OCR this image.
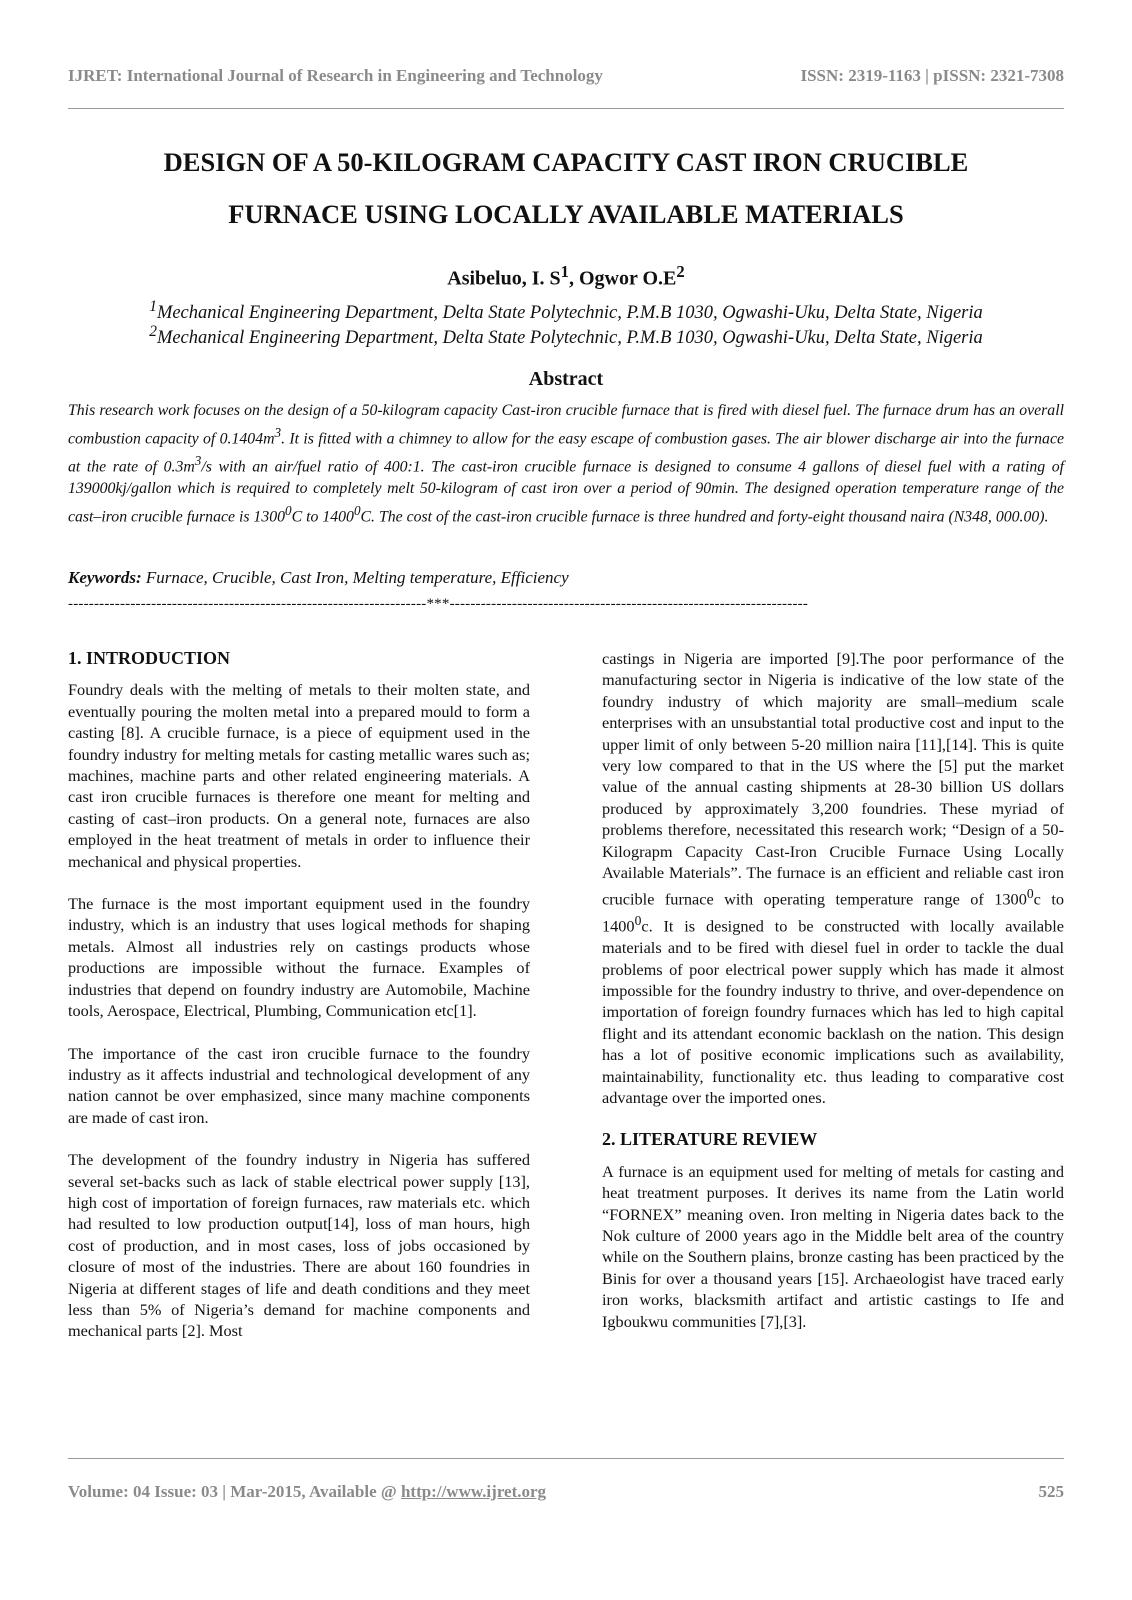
IJRET: International Journal of Research in Engineering and Technology	ISSN: 2319-1163 | pISSN: 2321-7308
DESIGN OF A 50-KILOGRAM CAPACITY CAST IRON CRUCIBLE
FURNACE USING LOCALLY AVAILABLE MATERIALS
Asibeluo, I. $S^1$, Ogwor $O.E^2$
$^1$Mechanical Engineering Department, Delta State Polytechnic, P.M.B 1030, Ogwashi-Uku, Delta State, Nigeria
$^2$Mechanical Engineering Department, Delta State Polytechnic, P.M.B 1030, Ogwashi-Uku, Delta State, Nigeria
Abstract
This research work focuses on the design of a 50-kilogram capacity Cast-iron crucible furnace that is fired with diesel fuel. The furnace drum has an overall combustion capacity of $0.1404m^3$. It is fitted with a chimney to allow for the easy escape of combustion gases. The air blower discharge air into the furnace at the rate of $0.3m^3/s$ with an air/fuel ratio of 400:1. The cast-iron crucible furnace is designed to consume 4 gallons of diesel fuel with a rating of 139000kj/gallon which is required to completely melt 50-kilogram of cast iron over a period of 90min. The designed operation temperature range of the cast–iron crucible furnace is 1300$^0$C to 1400$^0$C. The cost of the cast-iron crucible furnace is three hundred and forty-eight thousand naira (N348, 000.00).
Keywords: Furnace, Crucible, Cast Iron, Melting temperature, Efficiency
---------------------------------------------------------------------***---------------------------------------------------------------------
1. INTRODUCTION

Foundry deals with the melting of metals to their molten state, and eventually pouring the molten metal into a prepared mould to form a casting [8]. A crucible furnace, is a piece of equipment used in the foundry industry for melting metals for casting metallic wares such as; machines, machine parts and other related engineering materials. A cast iron crucible furnaces is therefore one meant for melting and casting of cast–iron products. On a general note, furnaces are also employed in the heat treatment of metals in order to influence their mechanical and physical properties.

The furnace is the most important equipment used in the foundry industry, which is an industry that uses logical methods for shaping metals. Almost all industries rely on castings products whose productions are impossible without the furnace. Examples of industries that depend on foundry industry are Automobile, Machine tools, Aerospace, Electrical, Plumbing, Communication etc[1].

The importance of the cast iron crucible furnace to the foundry industry as it affects industrial and technological development of any nation cannot be over emphasized, since many machine components are made of cast iron.

The development of the foundry industry in Nigeria has suffered several set-backs such as lack of stable electrical power supply [13], high cost of importation of foreign furnaces, raw materials etc. which had resulted to low production output[14], loss of man hours, high cost of production, and in most cases, loss of jobs occasioned by closure of most of the industries. There are about 160 foundries in Nigeria at different stages of life and death conditions and they meet less than 5% of Nigeria’s demand for machine components and mechanical parts [2]. Most

castings in Nigeria are imported [9].The poor performance of the manufacturing sector in Nigeria is indicative of the low state of the foundry industry of which majority are small–medium scale enterprises with an unsubstantial total productive cost and input to the upper limit of only between 5-20 million naira [11],[14]. This is quite very low compared to that in the US where the [5] put the market value of the annual casting shipments at 28-30 billion US dollars produced by approximately 3,200 foundries. These myriad of problems therefore, necessitated this research work; “Design of a 50-Kilograpm Capacity Cast-Iron Crucible Furnace Using Locally Available Materials”. The furnace is an efficient and reliable cast iron crucible furnace with operating temperature range of 1300$^0$c to 1400$^0$c. It is designed to be constructed with locally available materials and to be fired with diesel fuel in order to tackle the dual problems of poor electrical power supply which has made it almost impossible for the foundry industry to thrive, and over-dependence on importation of foreign foundry furnaces which has led to high capital flight and its attendant economic backlash on the nation. This design has a lot of positive economic implications such as availability, maintainability, functionality etc. thus leading to comparative cost advantage over the imported ones.

2. LITERATURE REVIEW

A furnace is an equipment used for melting of metals for casting and heat treatment purposes. It derives its name from the Latin world “FORNEX” meaning oven. Iron melting in Nigeria dates back to the Nok culture of 2000 years ago in the Middle belt area of the country while on the Southern plains, bronze casting has been practiced by the Binis for over a thousand years [15]. Archaeologist have traced early iron works, blacksmith artifact and artistic castings to Ife and Igboukwu communities [7],[3].

Volume: 04 Issue: 03 | Mar-2015, Available @ http://www.ijret.org	525
